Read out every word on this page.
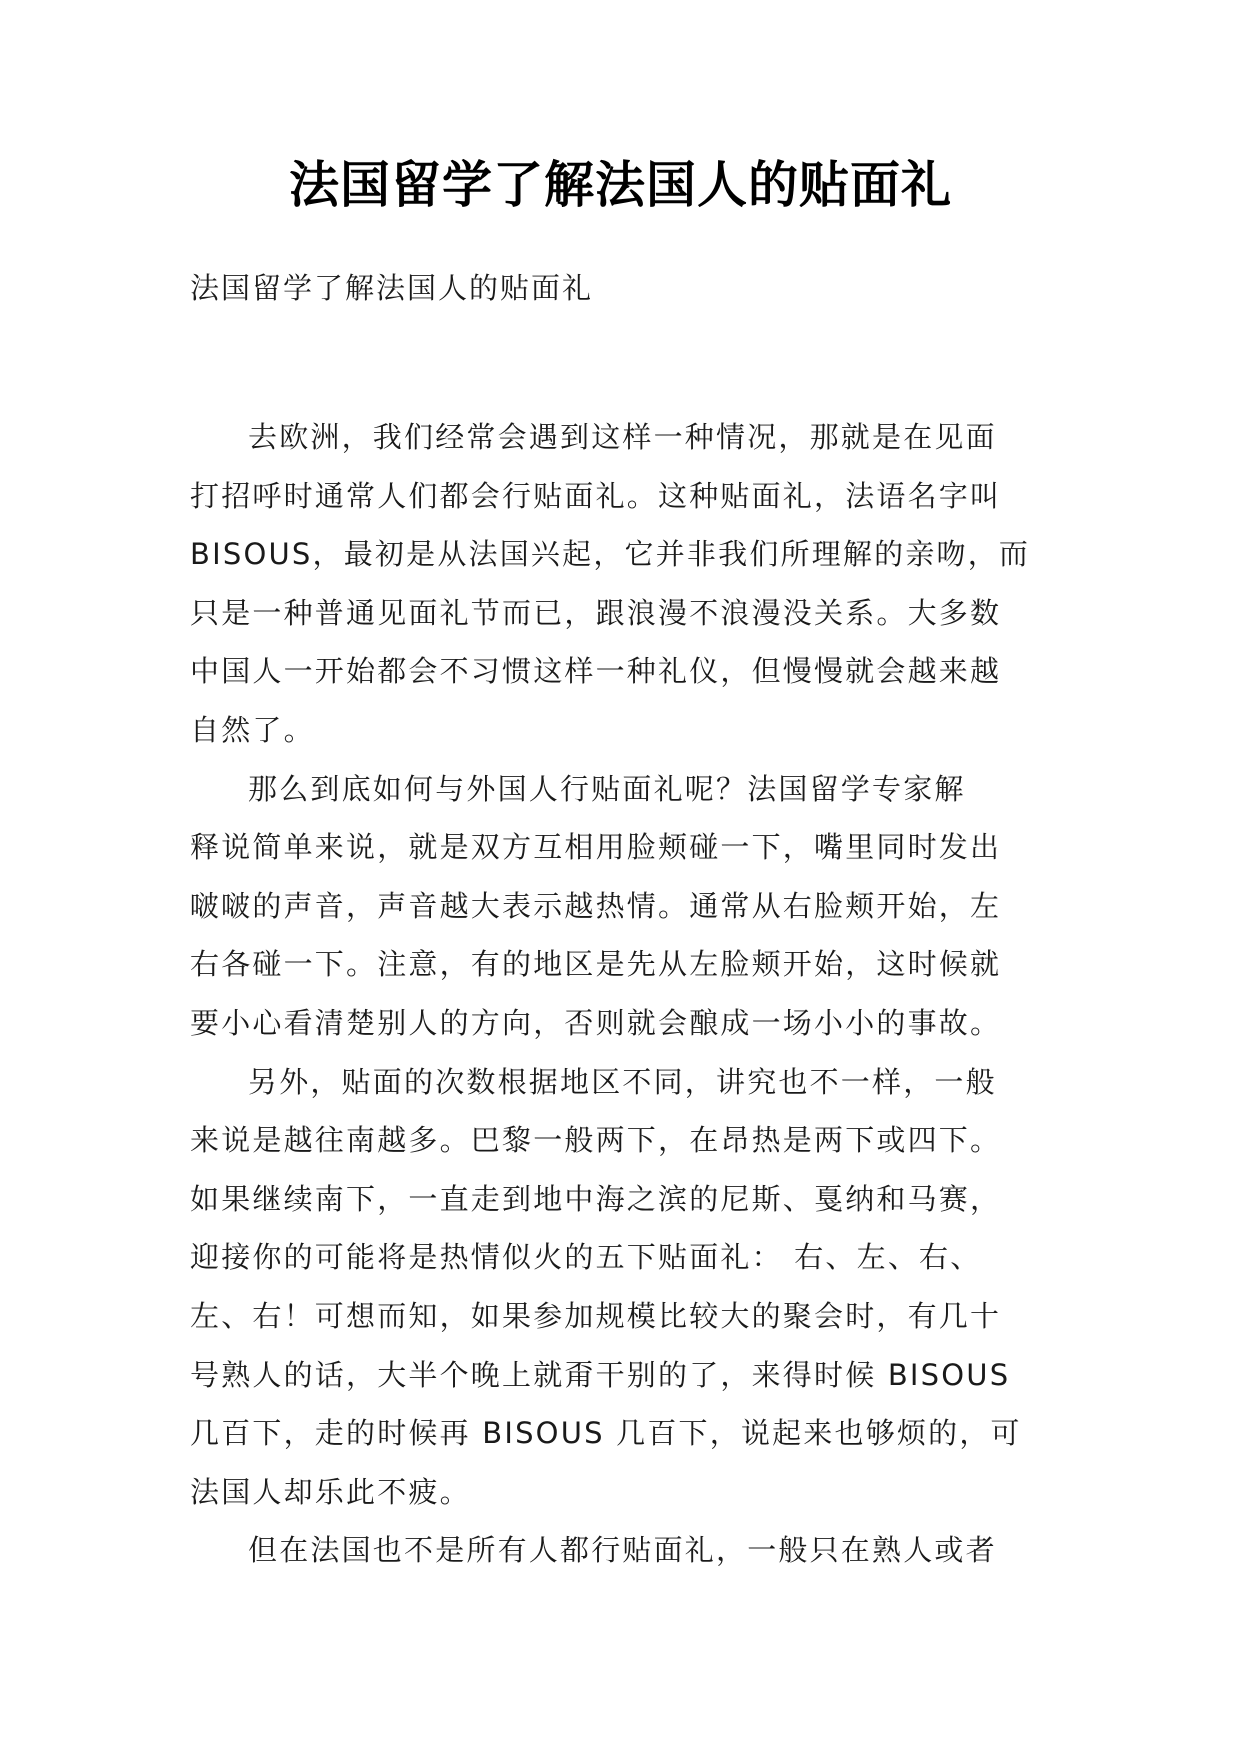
法国留学了解法国人的贴面礼
法国留学了解法国人的贴面礼

去欧洲，我们经常会遇到这样一种情况，那就是在见面
打招呼时通常人们都会行贴面礼。这种贴面礼，法语名字叫
BISOUS，最初是从法国兴起，它并非我们所理解的亲吻，而
只是一种普通见面礼节而已，跟浪漫不浪漫没关系。大多数
中国人一开始都会不习惯这样一种礼仪，但慢慢就会越来越
自然了。

那么到底如何与外国人行贴面礼呢？法国留学专家解
释说简单来说，就是双方互相用脸颊碰一下，嘴里同时发出
啵啵的声音，声音越大表示越热情。通常从右脸颊开始，左
右各碰一下。注意，有的地区是先从左脸颊开始，这时候就
要小心看清楚别人的方向，否则就会酿成一场小小的事故。

另外，贴面的次数根据地区不同，讲究也不一样，一般
来说是越往南越多。巴黎一般两下，在昂热是两下或四下。
如果继续南下，一直走到地中海之滨的尼斯、戛纳和马赛，
迎接你的可能将是热情似火的五下贴面礼： 右、左、右、
左、右！可想而知，如果参加规模比较大的聚会时，有几十
号熟人的话，大半个晚上就甭干别的了，来得时候 BISOUS
几百下，走的时候再 BISOUS 几百下，说起来也够烦的，可
法国人却乐此不疲。

但在法国也不是所有人都行贴面礼，一般只在熟人或者
